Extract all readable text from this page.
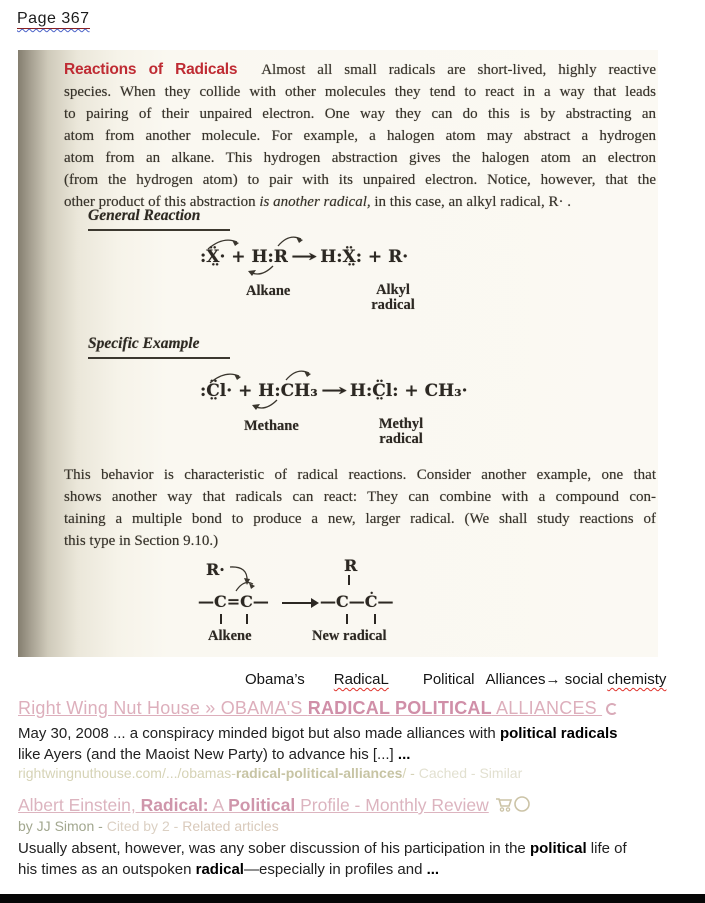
Page 367
Reactions of Radicals Almost all small radicals are short-lived, highly reactive
species. When they collide with other molecules they tend to react in a way that leads
to pairing of their unpaired electron. One way they can do this is by abstracting an
atom from another molecule. For example, a halogen atom may abstract a hydrogen
atom from an alkane. This hydrogen abstraction gives the halogen atom an electron
(from the hydrogen atom) to pair with its unpaired electron. Notice, however, that the
other product of this abstraction is another radical, in this case, an alkyl radical, R· .
General Reaction
:Ẍ̤· + H:R → H:Ẍ̤: + R·
Alkane	Alkyl
radical
Specific Example
:C̤̈l· + H:CH₃ → H:C̤̈l: + CH₃·
Methane	Methyl
radical
This behavior is characteristic of radical reactions. Consider another example, one that
shows another way that radicals can react: They can combine with a compound con-
taining a multiple bond to produce a new, larger radical. (We shall study reactions of
this type in Section 9.10.)
R·
—C=C— →
R
—C—Ċ—
Alkene	New radical
Obama’s RadicaL Political Alliances→ social chemisty
Right Wing Nut House » OBAMA'S RADICAL POLITICAL ALLIANCES
May 30, 2008 ... a conspiracy minded bigot but also made alliances with political radicals
like Ayers (and the Maoist New Party) to advance his [...] ...
rightwingnuthouse.com/.../obamas-radical-political-alliances/ - Cached - Similar
Albert Einstein, Radical: A Political Profile - Monthly Review
by JJ Simon - Cited by 2 - Related articles
Usually absent, however, was any sober discussion of his participation in the political life of
his times as an outspoken radical—especially in profiles and ...
